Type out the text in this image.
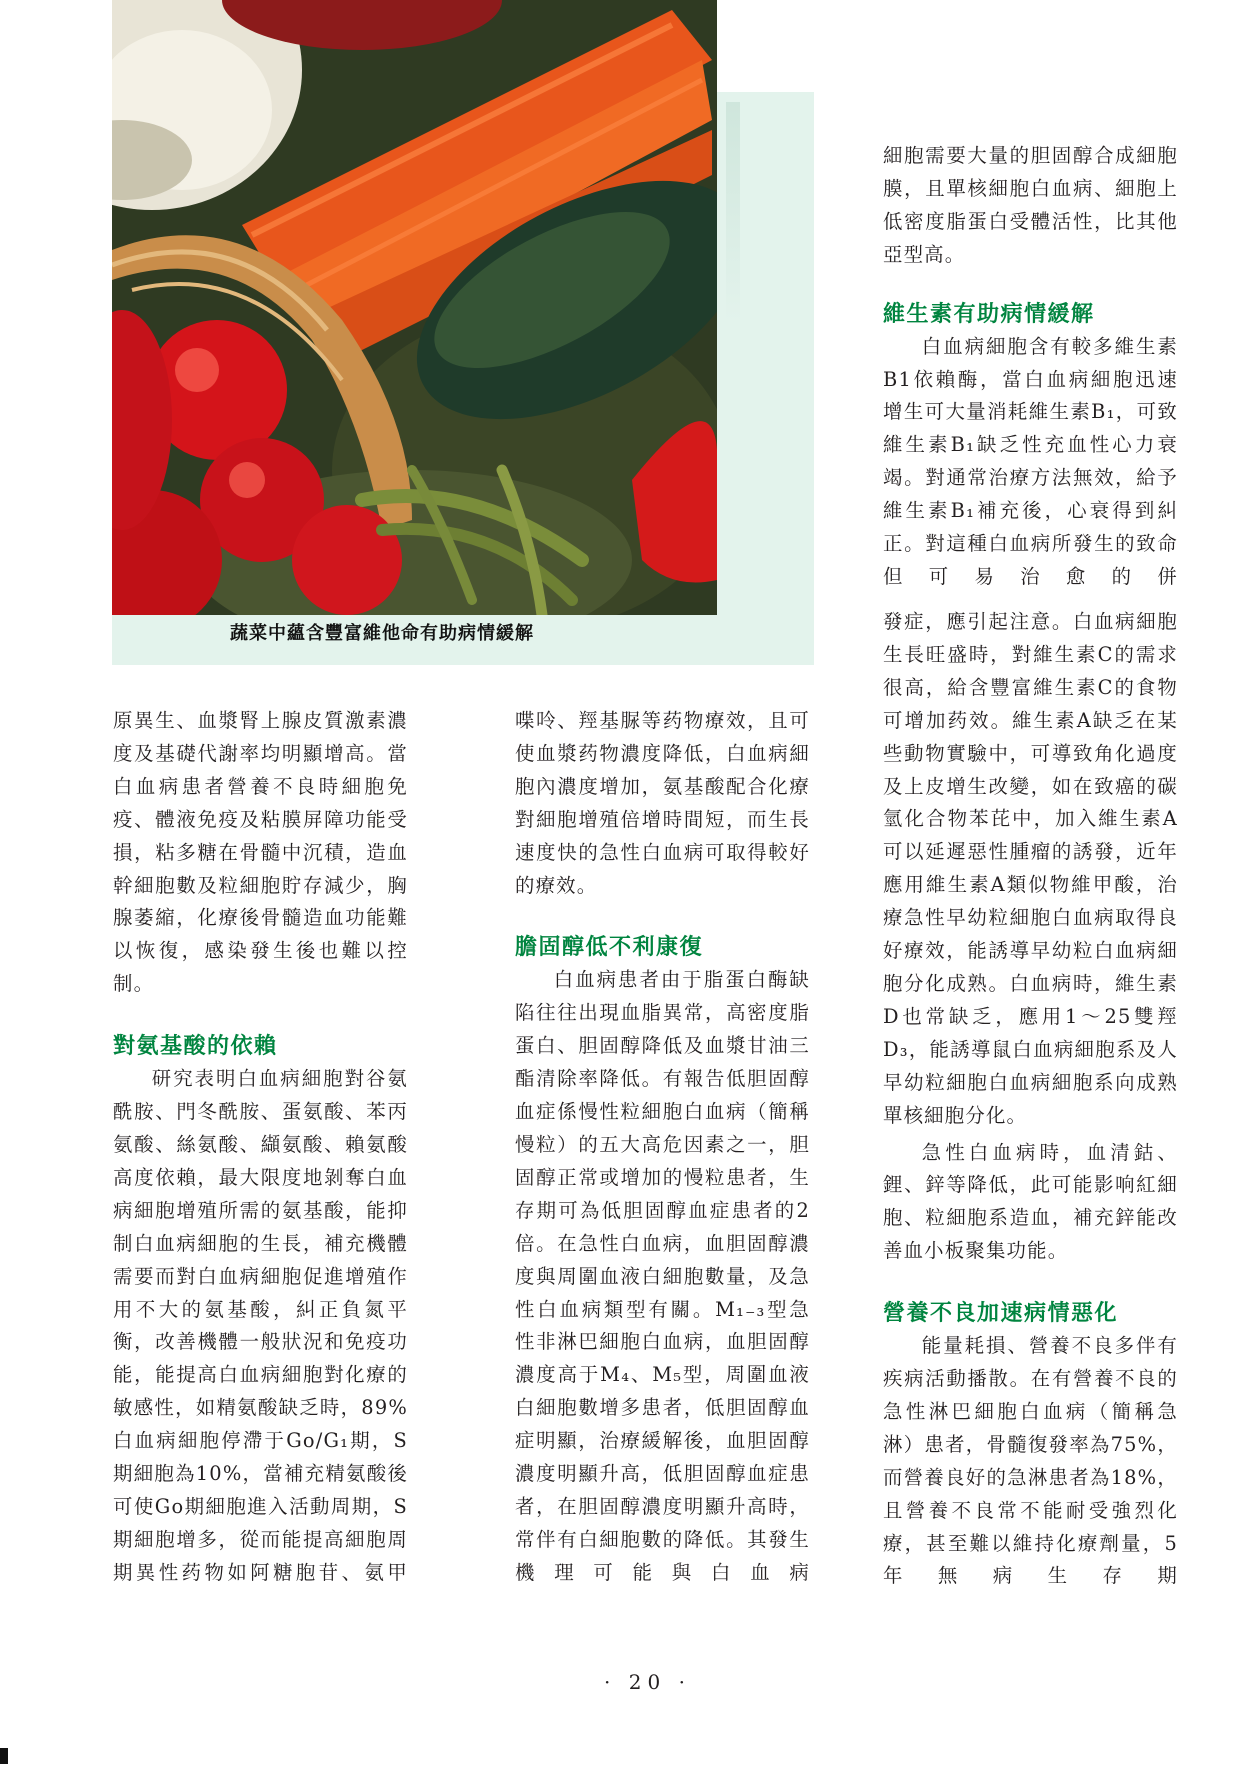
蔬菜中蘊含豐富維他命有助病情緩解

細胞需要大量的胆固醇合成細胞膜，且單核細胞白血病、細胞上低密度脂蛋白受體活性，比其他亞型高。

維生素有助病情緩解

白血病細胞含有較多維生素B1依賴酶，當白血病細胞迅速增生可大量消耗維生素B₁，可致維生素B₁缺乏性充血性心力衰竭。對通常治療方法無效，給予維生素B₁補充後，心衰得到糾正。對這種白血病所發生的致命但可易治愈的併

原異生、血漿腎上腺皮質激素濃度及基礎代謝率均明顯增高。當白血病患者營養不良時細胞免疫、體液免疫及粘膜屏障功能受損，粘多糖在骨髓中沉積，造血幹細胞數及粒細胞貯存減少，胸腺萎縮，化療後骨髓造血功能難以恢復，感染發生後也難以控制。

對氨基酸的依賴

研究表明白血病細胞對谷氨酰胺、門冬酰胺、蛋氨酸、苯丙氨酸、絲氨酸、纈氨酸、賴氨酸高度依賴，最大限度地剝奪白血病細胞增殖所需的氨基酸，能抑制白血病細胞的生長，補充機體需要而對白血病細胞促進增殖作用不大的氨基酸，糾正負氮平衡，改善機體一般狀況和免疫功能，能提高白血病細胞對化療的敏感性，如精氨酸缺乏時，89%白血病細胞停滯于Go/G₁期，S期細胞為10%，當補充精氨酸後可使Go期細胞進入活動周期，S期細胞增多，從而能提高細胞周期異性药物如阿糖胞苷、氨甲

喋呤、羥基脲等药物療效，且可使血漿药物濃度降低，白血病細胞內濃度增加，氨基酸配合化療對細胞增殖倍增時間短，而生長速度快的急性白血病可取得較好的療效。

膽固醇低不利康復

白血病患者由于脂蛋白酶缺陷往往出現血脂異常，高密度脂蛋白、胆固醇降低及血漿甘油三酯清除率降低。有報告低胆固醇血症係慢性粒細胞白血病（簡稱慢粒）的五大高危因素之一，胆固醇正常或增加的慢粒患者，生存期可為低胆固醇血症患者的2倍。在急性白血病，血胆固醇濃度與周圍血液白細胞數量，及急性白血病類型有關。M₁₋₃型急性非淋巴細胞白血病，血胆固醇濃度高于M₄、M₅型，周圍血液白細胞數增多患者，低胆固醇血症明顯，治療緩解後，血胆固醇濃度明顯升高，低胆固醇血症患者，在胆固醇濃度明顯升高時，常伴有白細胞數的降低。其發生機理可能與白血病

發症，應引起注意。白血病細胞生長旺盛時，對維生素C的需求很高，給含豐富維生素C的食物可增加药效。維生素A缺乏在某些動物實驗中，可導致角化過度及上皮增生改變，如在致癌的碳氫化合物苯芘中，加入維生素A可以延遲惡性腫瘤的誘發，近年應用維生素A類似物維甲酸，治療急性早幼粒細胞白血病取得良好療效，能誘導早幼粒白血病細胞分化成熟。白血病時，維生素D也常缺乏，應用1～25雙羥D₃，能誘導鼠白血病細胞系及人早幼粒細胞白血病細胞系向成熟單核細胞分化。

急性白血病時，血清鈷、鋰、鋅等降低，此可能影响紅細胞、粒細胞系造血，補充鋅能改善血小板聚集功能。

營養不良加速病情惡化

能量耗損、營養不良多伴有疾病活動播散。在有營養不良的急性淋巴細胞白血病（簡稱急淋）患者，骨髓復發率為75%，而營養良好的急淋患者為18%，且營養不良常不能耐受強烈化療，甚至難以維持化療劑量，5年無病生存期

· 20 ·
